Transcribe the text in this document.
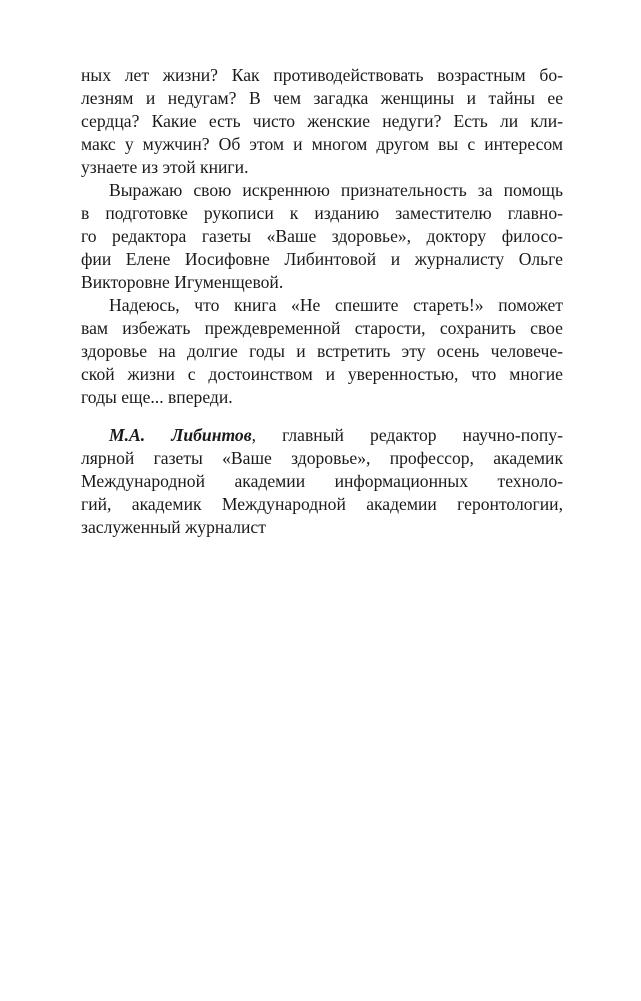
ных лет жизни? Как противодействовать возрастным бо-
лезням и недугам? В чем загадка женщины и тайны ее
сердца? Какие есть чисто женские недуги? Есть ли кли-
макс у мужчин? Об этом и многом другом вы с интересом
узнаете из этой книги.
Выражаю свою искреннюю признательность за помощь
в подготовке рукописи к изданию заместителю главно-
го редактора газеты «Ваше здоровье», доктору филосо-
фии Елене Иосифовне Либинтовой и журналисту Ольге
Викторовне Игуменщевой.
Надеюсь, что книга «Не спешите стареть!» поможет
вам избежать преждевременной старости, сохранить свое
здоровье на долгие годы и встретить эту осень человече-
ской жизни с достоинством и уверенностью, что многие
годы еще... впереди.
М.А. Либинтов, главный редактор научно-попу-
лярной газеты «Ваше здоровье», профессор, академик
Международной академии информационных технолo-
гий, академик Международной академии геронтологии,
заслуженный журналист
